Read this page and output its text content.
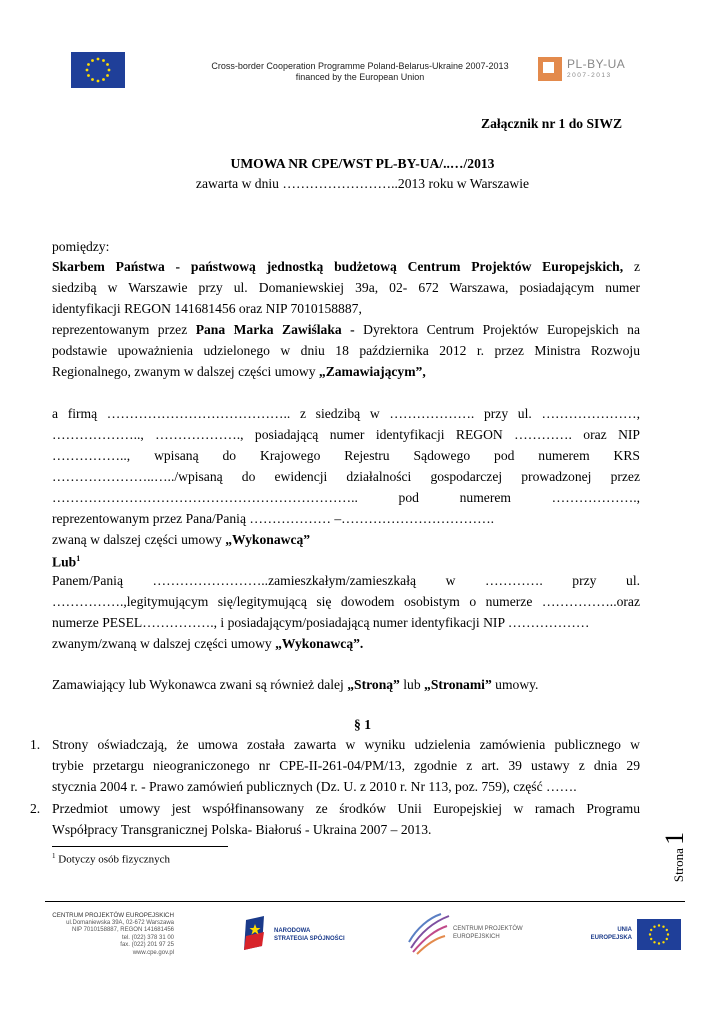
Cross-border Cooperation Programme Poland-Belarus-Ukraine 2007-2013
financed by the European Union
PL-BY-UA
2007-2013
Załącznik nr 1 do SIWZ
UMOWA NR CPE/WST PL-BY-UA/..…/2013
zawarta w dniu ……………………..2013 roku w Warszawie
pomiędzy:
Skarbem Państwa - państwową jednostką budżetową Centrum Projektów Europejskich, z
siedzibą w Warszawie przy ul. Domaniewskiej 39a, 02- 672 Warszawa, posiadającym numer
identyfikacji REGON 141681456 oraz NIP 7010158887,
reprezentowanym przez Pana Marka Zawiślaka - Dyrektora Centrum Projektów Europejskich na
podstawie upoważnienia udzielonego w dniu 18 października 2012 r. przez Ministra Rozwoju
Regionalnego, zwanym w dalszej części umowy „Zamawiającym”,
a firmą ………………………………….. z siedzibą w ………………. przy ul. …………………,
……………….., ………………., posiadającą numer identyfikacji REGON …………. oraz NIP
…………….., wpisaną do Krajowego Rejestru Sądowego pod numerem KRS
…………………..…../wpisaną do ewidencji działalności gospodarczej prowadzonej przez
………………………………………………………….. pod numerem ……………….,
reprezentowanym przez Pana/Panią ……………… –…………………………….
zwaną w dalszej części umowy „Wykonawcą”
Lub$^1$
Panem/Panią ……………………..zamieszkałym/zamieszkałą w …………. przy ul.
…………….,legitymującym się/legitymującą się dowodem osobistym o numerze ……………..oraz
numerze PESEL……………., i posiadającym/posiadającą numer identyfikacji NIP ………………
zwanym/zwaną w dalszej części umowy „Wykonawcą”.
Zamawiający lub Wykonawca zwani są również dalej „Stroną” lub „Stronami” umowy.
§ 1
1. Strony oświadczają, że umowa została zawarta w wyniku udzielenia zamówienia publicznego w
trybie przetargu nieograniczonego nr CPE-II-261-04/PM/13, zgodnie z art. 39 ustawy z dnia 29
stycznia 2004 r. - Prawo zamówień publicznych (Dz. U. z 2010 r. Nr 113, poz. 759), część …….
2. Przedmiot umowy jest współfinansowany ze środków Unii Europejskiej w ramach Programu
Współpracy Transgranicznej Polska- Białoruś - Ukraina 2007 – 2013.
$^1$ Dotyczy osób fizycznych	Strona 1
CENTRUM PROJEKTÓW EUROPEJSKICH
ul.Domaniewska 39A, 02-672 Warszawa
NIP 7010158887, REGON 141681456
tel. (022) 378 31 00
fax. (022) 201 97 25
www.cpe.gov.pl
NARODOWA
STRATEGIA SPÓJNOŚCI
CENTRUM PROJEKTÓW
EUROPEJSKICH
UNIA
EUROPEJSKA
